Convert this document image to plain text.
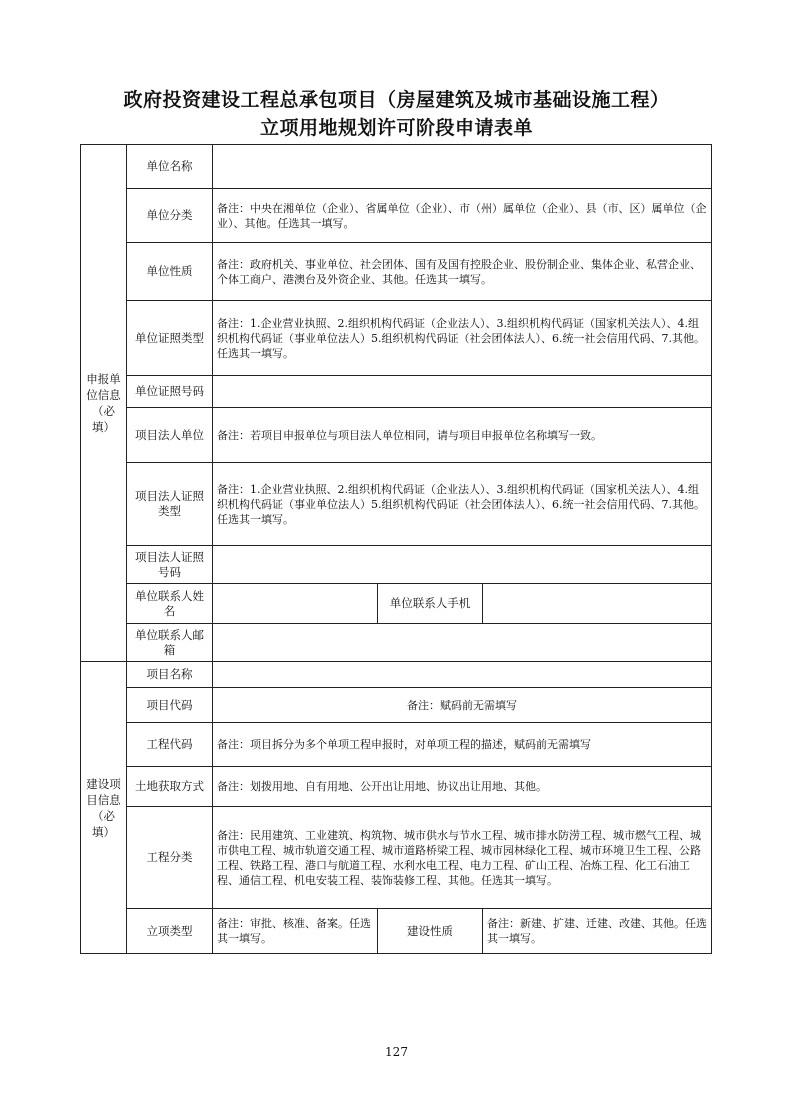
政府投资建设工程总承包项目（房屋建筑及城市基础设施工程）
立项用地规划许可阶段申请表单
申报单位信息（必填）	单位名称			
	单位分类	备注：中央在湘单位（企业）、省属单位（企业）、市（州）属单位（企业）、县（市、区）属单位（企业）、其他。任选其一填写。		
	单位性质	备注：政府机关、事业单位、社会团体、国有及国有控股企业、股份制企业、集体企业、私营企业、个体工商户、港澳台及外资企业、其他。任选其一填写。		
	单位证照类型	备注：1.企业营业执照、2.组织机构代码证（企业法人）、3.组织机构代码证（国家机关法人）、4.组织机构代码证（事业单位法人）5.组织机构代码证（社会团体法人）、6.统一社会信用代码、7.其他。任选其一填写。		
	单位证照号码			
	项目法人单位	备注：若项目申报单位与项目法人单位相同，请与项目申报单位名称填写一致。		
	项目法人证照类型	备注：1.企业营业执照、2.组织机构代码证（企业法人）、3.组织机构代码证（国家机关法人）、4.组织机构代码证（事业单位法人）5.组织机构代码证（社会团体法人）、6.统一社会信用代码、7.其他。任选其一填写。		
	项目法人证照号码			
	单位联系人姓名		单位联系人手机	
	单位联系人邮箱			
建设项目信息（必填）	项目名称			
	项目代码	备注：赋码前无需填写		
	工程代码	备注：项目拆分为多个单项工程申报时，对单项工程的描述，赋码前无需填写		
	土地获取方式	备注：划拨用地、自有用地、公开出让用地、协议出让用地、其他。		
	工程分类	备注：民用建筑、工业建筑、构筑物、城市供水与节水工程、城市排水防涝工程、城市燃气工程、城市供电工程、城市轨道交通工程、城市道路桥梁工程、城市园林绿化工程、城市环境卫生工程、公路工程、铁路工程、港口与航道工程、水利水电工程、电力工程、矿山工程、冶炼工程、化工石油工程、通信工程、机电安装工程、装饰装修工程、其他。任选其一填写。		
	立项类型	备注：审批、核准、备案。任选其一填写。	建设性质	备注：新建、扩建、迁建、改建、其他。任选其一填写。
127
